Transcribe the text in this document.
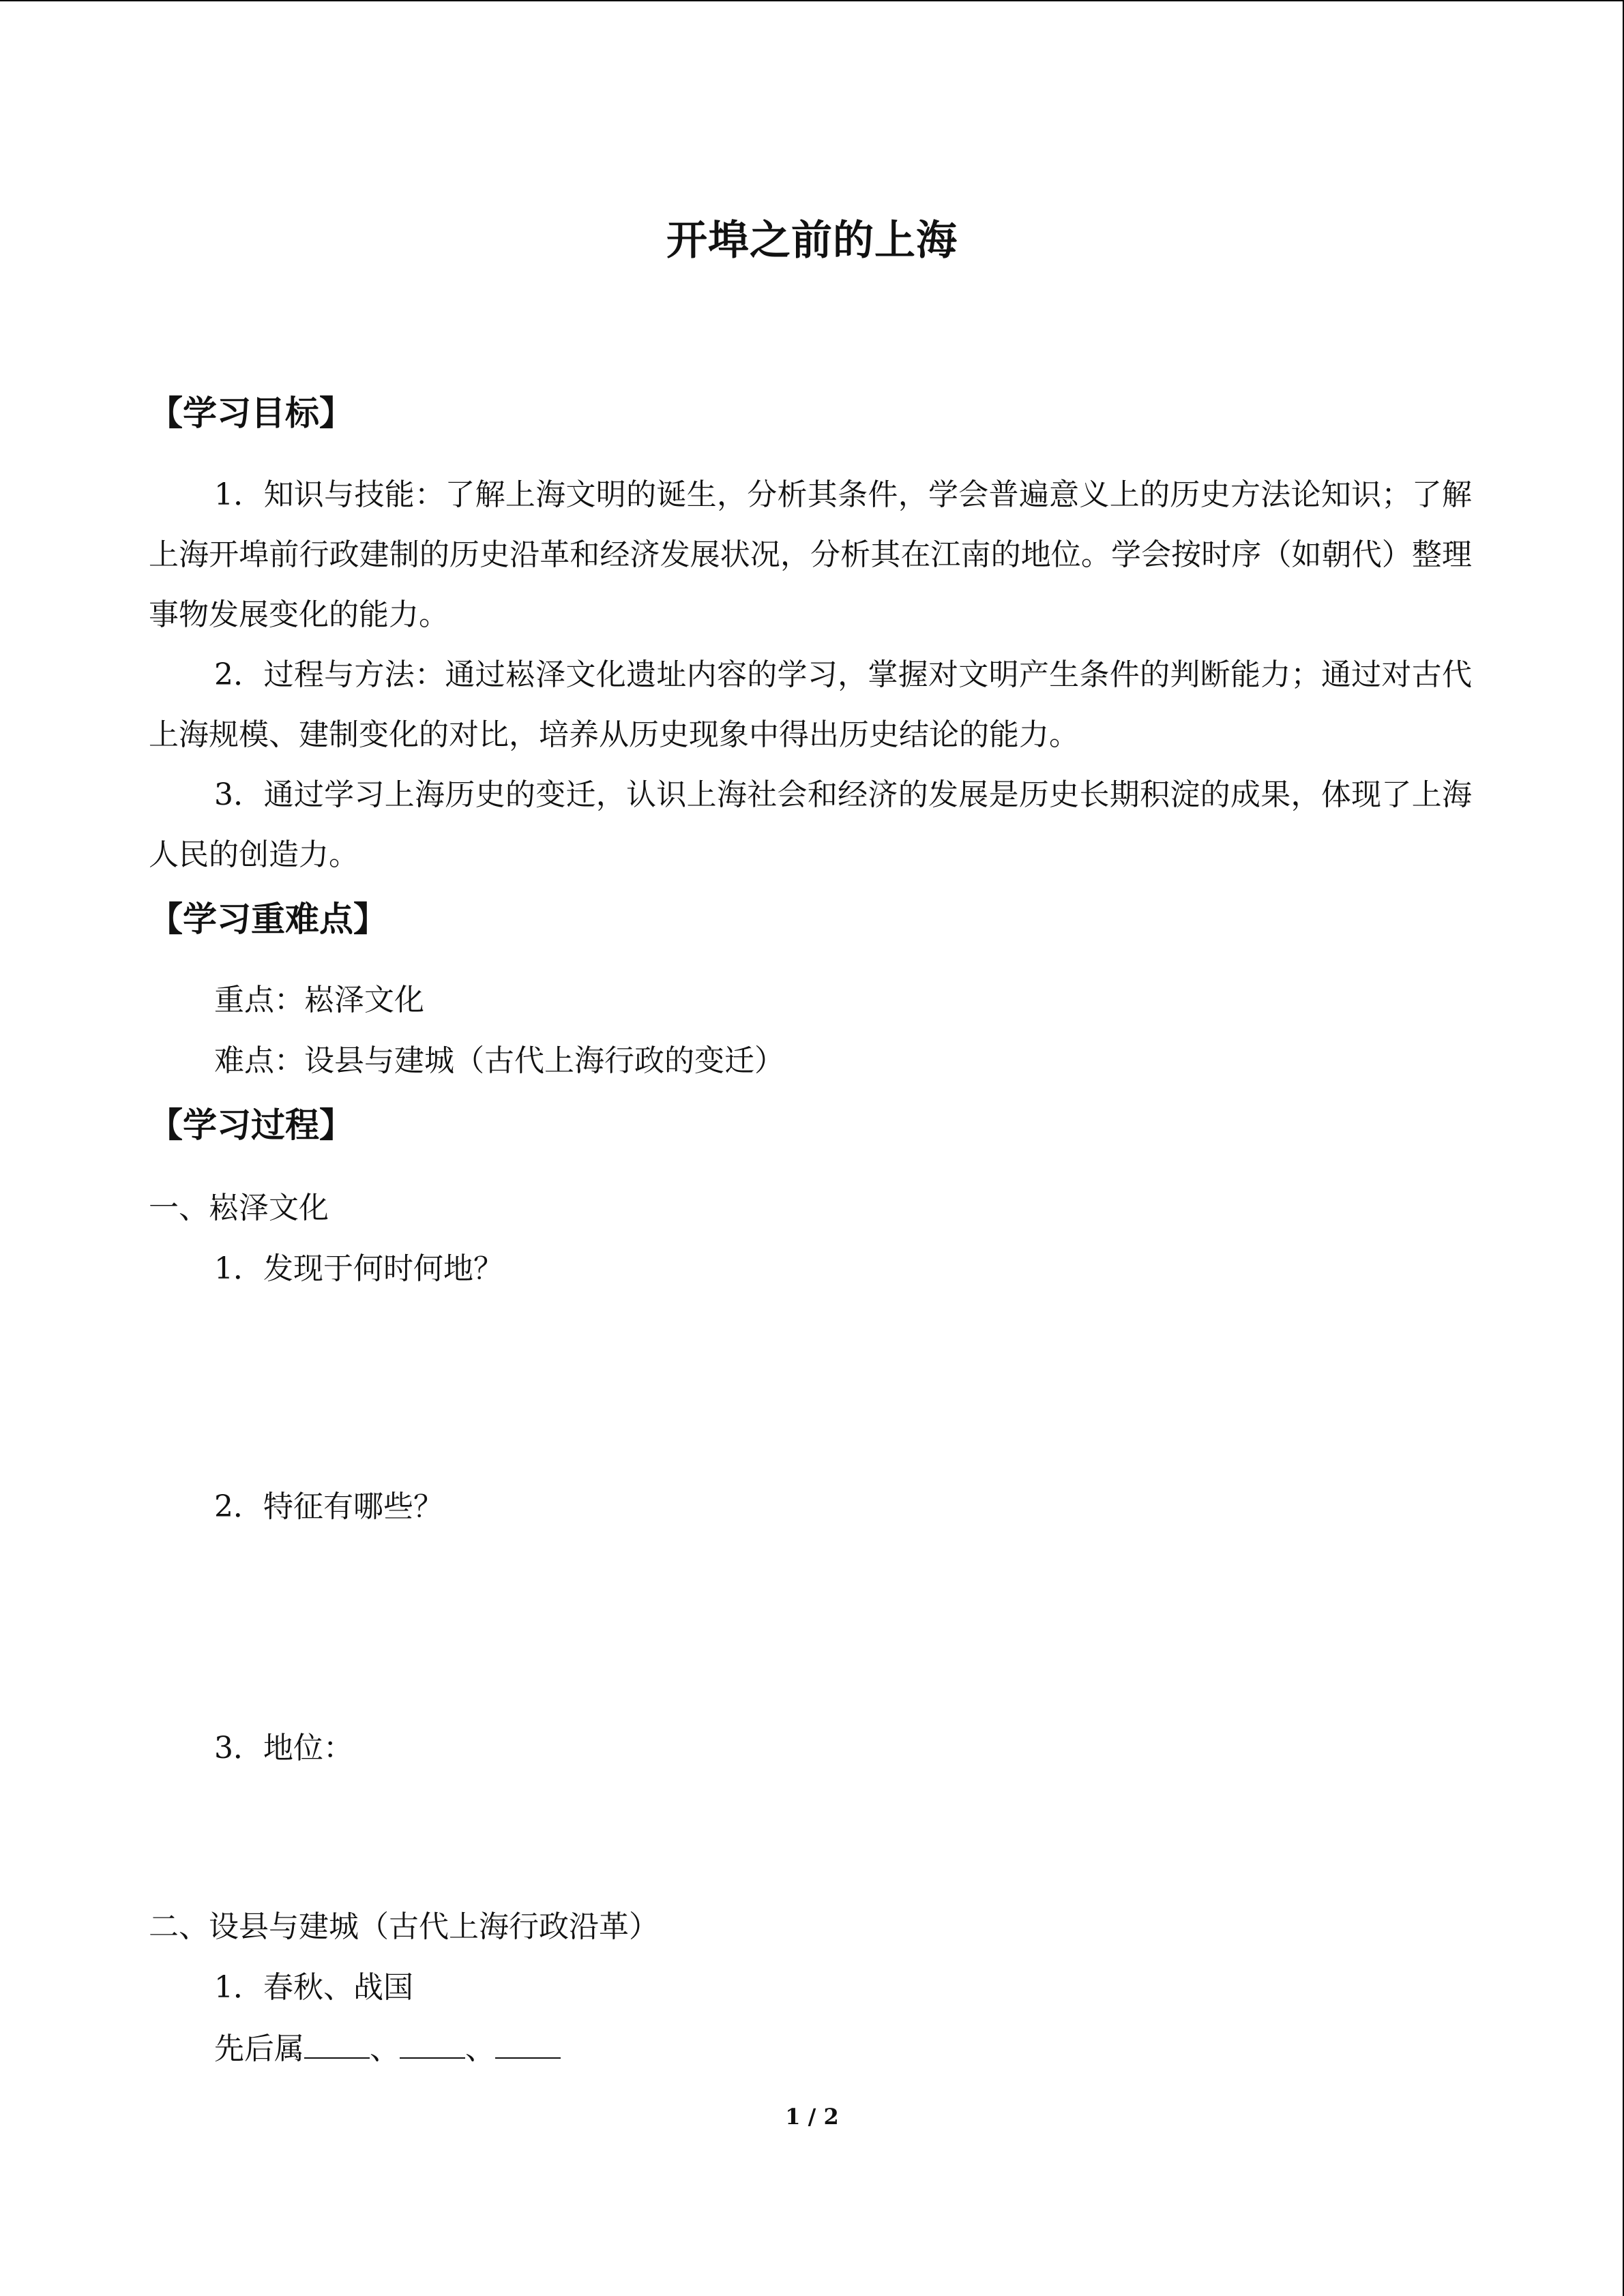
开埠之前的上海
【学习目标】
1．知识与技能：了解上海文明的诞生，分析其条件，学会普遍意义上的历史方法论知识；了解上海开埠前行政建制的历史沿革和经济发展状况，分析其在江南的地位。学会按时序（如朝代）整理事物发展变化的能力。
2．过程与方法：通过崧泽文化遗址内容的学习，掌握对文明产生条件的判断能力；通过对古代上海规模、建制变化的对比，培养从历史现象中得出历史结论的能力。
3．通过学习上海历史的变迁，认识上海社会和经济的发展是历史长期积淀的成果，体现了上海人民的创造力。
【学习重难点】
重点：崧泽文化
难点：设县与建城（古代上海行政的变迁）
【学习过程】
一、崧泽文化
1．发现于何时何地？
2．特征有哪些？
3．地位：
二、设县与建城（古代上海行政沿革）
1．春秋、战国
先后属 、 、
1 / 2
